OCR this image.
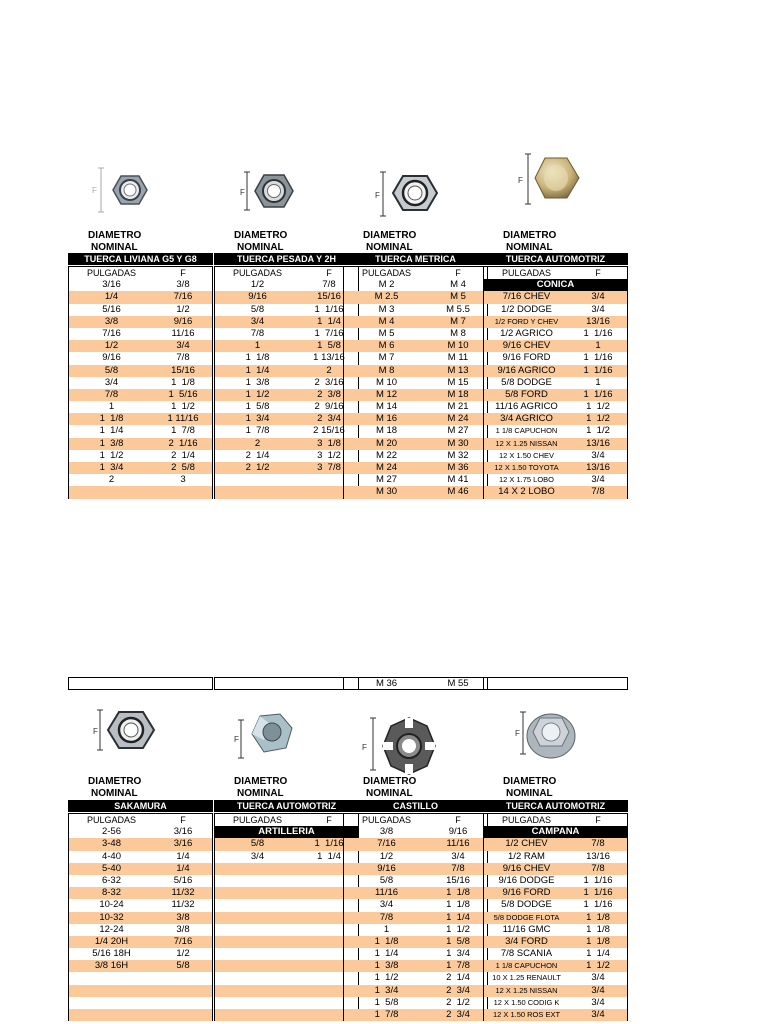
F
DIAMETRO
NOMINAL
TUERCA LIVIANA G5 Y G8
PULGADAS	F
3/16	3/8
1/4	7/16
5/16	1/2
3/8	9/16
7/16	11/16
1/2	3/4
9/16	7/8
5/8	15/16
3/4	1  1/8
7/8	1  5/16
1	1  1/2
1  1/8	1 11/16
1  1/4	1  7/8
1  3/8	2  1/16
1  1/2	2  1/4
1  3/4	2  5/8
2	3
F
DIAMETRO
NOMINAL
TUERCA PESADA Y 2H
PULGADAS	F
1/2	7/8
9/16	15/16
5/8	1  1/16
3/4	1  1/4
7/8	1  7/16
1	1  5/8
1  1/8	1 13/16
1  1/4	2
1  3/8	2  3/16
1  1/2	2  3/8
1  5/8	2  9/16
1  3/4	2  3/4
1  7/8	2 15/16
2	3  1/8
2  1/4	3  1/2
2  1/2	3  7/8
F
DIAMETRO
NOMINAL
TUERCA METRICA
PULGADAS	F
M 2	M 4
M 2.5	M 5
M 3	M 5.5
M 4	M 7
M 5	M 8
M 6	M 10
M 7	M 11
M 8	M 13
M 10	M 15
M 12	M 18
M 14	M 21
M 16	M 24
M 18	M 27
M 20	M 30
M 22	M 32
M 24	M 36
M 27	M 41
M 30	M 46
F
DIAMETRO
NOMINAL
TUERCA AUTOMOTRIZ
PULGADAS	F
CONICA
7/16 CHEV	3/4
1/2 DODGE	3/4
1/2 FORD Y CHEV	13/16
1/2 AGRICO	1  1/16
9/16 CHEV	1
9/16 FORD	1  1/16
9/16 AGRICO	1  1/16
5/8 DODGE	1
5/8 FORD	1  1/16
11/16 AGRICO	1  1/2
3/4 AGRICO	1  1/2
1 1/8 CAPUCHON	1  1/2
12 X 1.25 NISSAN	13/16
12 X 1.50 CHEV	3/4
12 X 1.50 TOYOTA	13/16
12 X 1.75 LOBO	3/4
14 X 2 LOBO	7/8
M 36	M 55
F
DIAMETRO
NOMINAL
SAKAMURA
PULGADAS	F
2-56	3/16
3-48	3/16
4-40	1/4
5-40	1/4
6-32	5/16
8-32	11/32
10-24	11/32
10-32	3/8
12-24	3/8
1/4 20H	7/16
5/16 18H	1/2
3/8 16H	5/8
F
DIAMETRO
NOMINAL
TUERCA AUTOMOTRIZ
PULGADAS	F
ARTILLERIA
5/8	1  1/16
3/4	1  1/4
F
DIAMETRO
NOMINAL
CASTILLO
PULGADAS	F
3/8	9/16
7/16	11/16
1/2	3/4
9/16	7/8
5/8	15/16
11/16	1  1/8
3/4	1  1/8
7/8	1  1/4
1	1  1/2
1  1/8	1  5/8
1  1/4	1  3/4
1  3/8	1  7/8
1  1/2	2  1/4
1  3/4	2  3/4
1  5/8	2  1/2
1  7/8	2  3/4
F
DIAMETRO
NOMINAL
TUERCA AUTOMOTRIZ
PULGADAS	F
CAMPANA
1/2 CHEV	7/8
1/2 RAM	13/16
9/16 CHEV	7/8
9/16 DODGE	1  1/16
9/16 FORD	1  1/16
5/8 DODGE	1  1/16
5/8 DODGE FLOTA	1  1/8
11/16 GMC	1  1/8
3/4 FORD	1  1/8
7/8 SCANIA	1  1/4
1 1/8 CAPUCHON	1  1/2
10 X 1.25 RENAULT	3/4
12 X 1.25 NISSAN	3/4
12 X 1.50 CODIG K	3/4
12 X 1.50 ROS EXT	3/4
